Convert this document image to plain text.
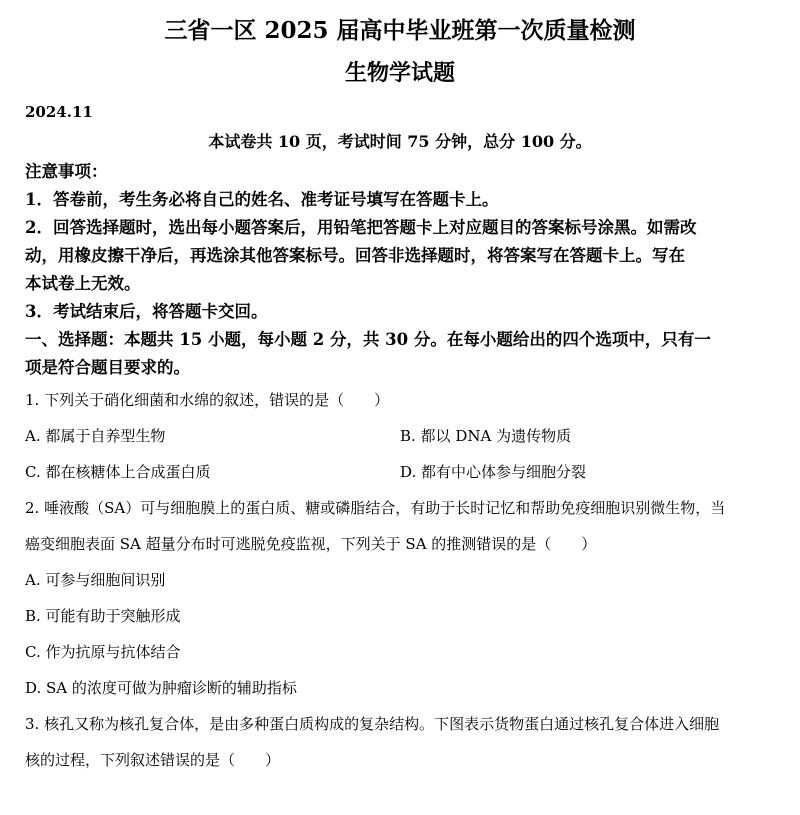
三省一区 2025 届高中毕业班第一次质量检测
生物学试题
2024.11
本试卷共 10 页，考试时间 75 分钟，总分 100 分。
注意事项：
1．答卷前，考生务必将自己的姓名、准考证号填写在答题卡上。
2．回答选择题时，选出每小题答案后，用铅笔把答题卡上对应题目的答案标号涂黑。如需改
动，用橡皮擦干净后，再选涂其他答案标号。回答非选择题时，将答案写在答题卡上。写在
本试卷上无效。
3．考试结束后，将答题卡交回。
一、选择题：本题共 15 小题，每小题 2 分，共 30 分。在每小题给出的四个选项中，只有一
项是符合题目要求的。
1. 下列关于硝化细菌和水绵的叙述，错误的是（　　）
A. 都属于自养型生物	B. 都以 DNA 为遗传物质
C. 都在核糖体上合成蛋白质	D. 都有中心体参与细胞分裂
2. 唾液酸（SA）可与细胞膜上的蛋白质、糖或磷脂结合，有助于长时记忆和帮助免疫细胞识别微生物，当
癌变细胞表面 SA 超量分布时可逃脱免疫监视，下列关于 SA 的推测错误的是（　　）
A. 可参与细胞间识别
B. 可能有助于突触形成
C. 作为抗原与抗体结合
D. SA 的浓度可做为肿瘤诊断的辅助指标
3. 核孔又称为核孔复合体，是由多种蛋白质构成的复杂结构。下图表示货物蛋白通过核孔复合体进入细胞
核的过程，下列叙述错误的是（　　）
